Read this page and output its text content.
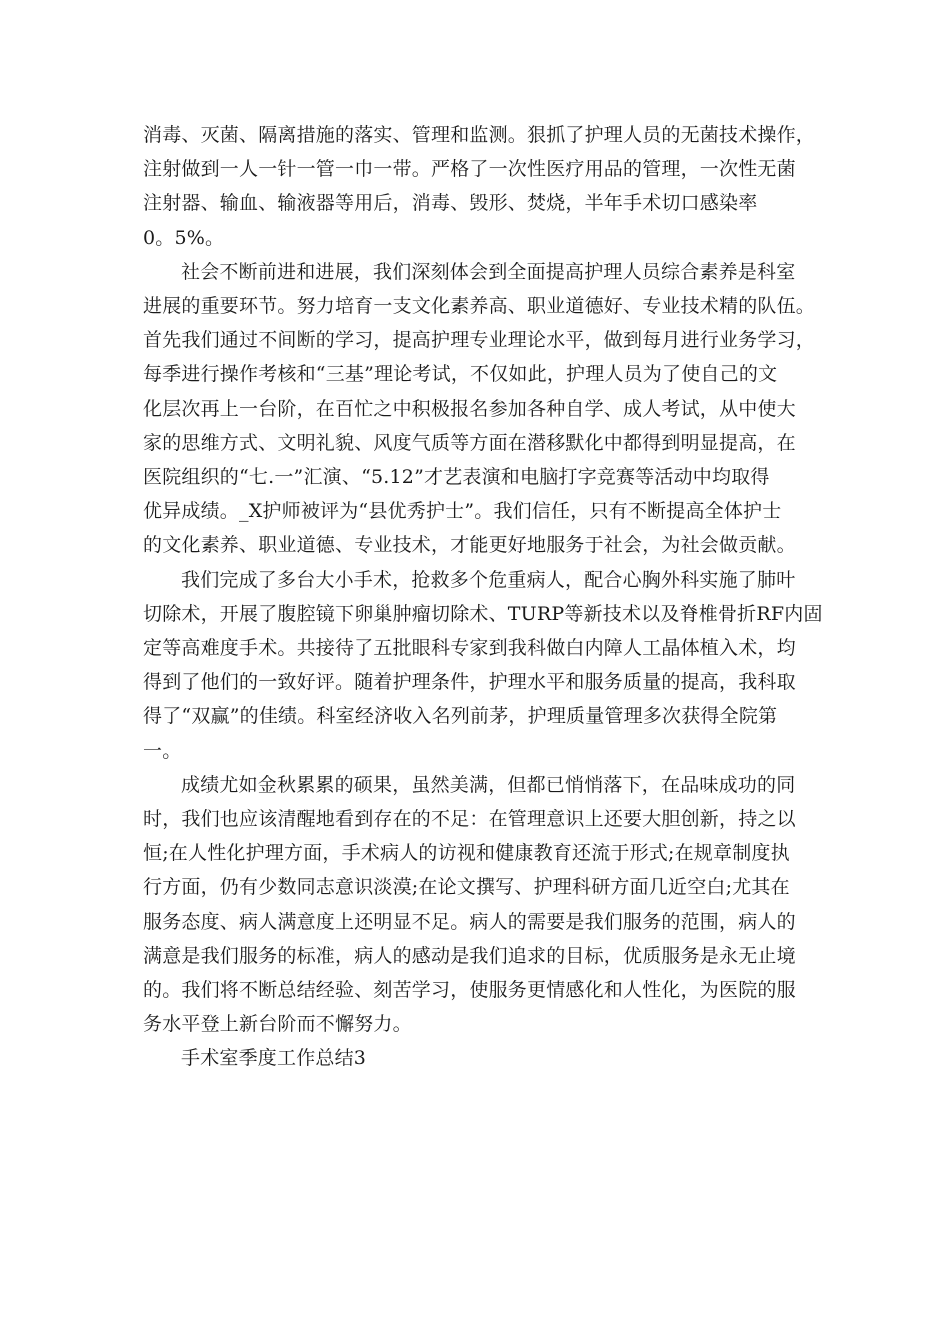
消毒、灭菌、隔离措施的落实、管理和监测。狠抓了护理人员的无菌技术操作，
注射做到一人一针一管一巾一带。严格了一次性医疗用品的管理，一次性无菌
注射器、输血、输液器等用后，消毒、毁形、焚烧，半年手术切口感染率
0。5%。

社会不断前进和进展，我们深刻体会到全面提高护理人员综合素养是科室
进展的重要环节。努力培育一支文化素养高、职业道德好、专业技术精的队伍。
首先我们通过不间断的学习，提高护理专业理论水平，做到每月进行业务学习，
每季进行操作考核和“三基”理论考试，不仅如此，护理人员为了使自己的文
化层次再上一台阶，在百忙之中积极报名参加各种自学、成人考试，从中使大
家的思维方式、文明礼貌、风度气质等方面在潜移默化中都得到明显提高，在
医院组织的“七.一”汇演、“5.12”才艺表演和电脑打字竞赛等活动中均取得
优异成绩。_X护师被评为“县优秀护士”。我们信任，只有不断提高全体护士
的文化素养、职业道德、专业技术，才能更好地服务于社会，为社会做贡献。

我们完成了多台大小手术，抢救多个危重病人，配合心胸外科实施了肺叶
切除术，开展了腹腔镜下卵巢肿瘤切除术、TURP等新技术以及脊椎骨折RF内固
定等高难度手术。共接待了五批眼科专家到我科做白内障人工晶体植入术，均
得到了他们的一致好评。随着护理条件，护理水平和服务质量的提高，我科取
得了“双赢”的佳绩。科室经济收入名列前茅，护理质量管理多次获得全院第
一。

成绩尤如金秋累累的硕果，虽然美满，但都已悄悄落下，在品味成功的同
时，我们也应该清醒地看到存在的不足：在管理意识上还要大胆创新，持之以
恒;在人性化护理方面，手术病人的访视和健康教育还流于形式;在规章制度执
行方面，仍有少数同志意识淡漠;在论文撰写、护理科研方面几近空白;尤其在
服务态度、病人满意度上还明显不足。病人的需要是我们服务的范围，病人的
满意是我们服务的标准，病人的感动是我们追求的目标，优质服务是永无止境
的。我们将不断总结经验、刻苦学习，使服务更情感化和人性化，为医院的服
务水平登上新台阶而不懈努力。

手术室季度工作总结3
